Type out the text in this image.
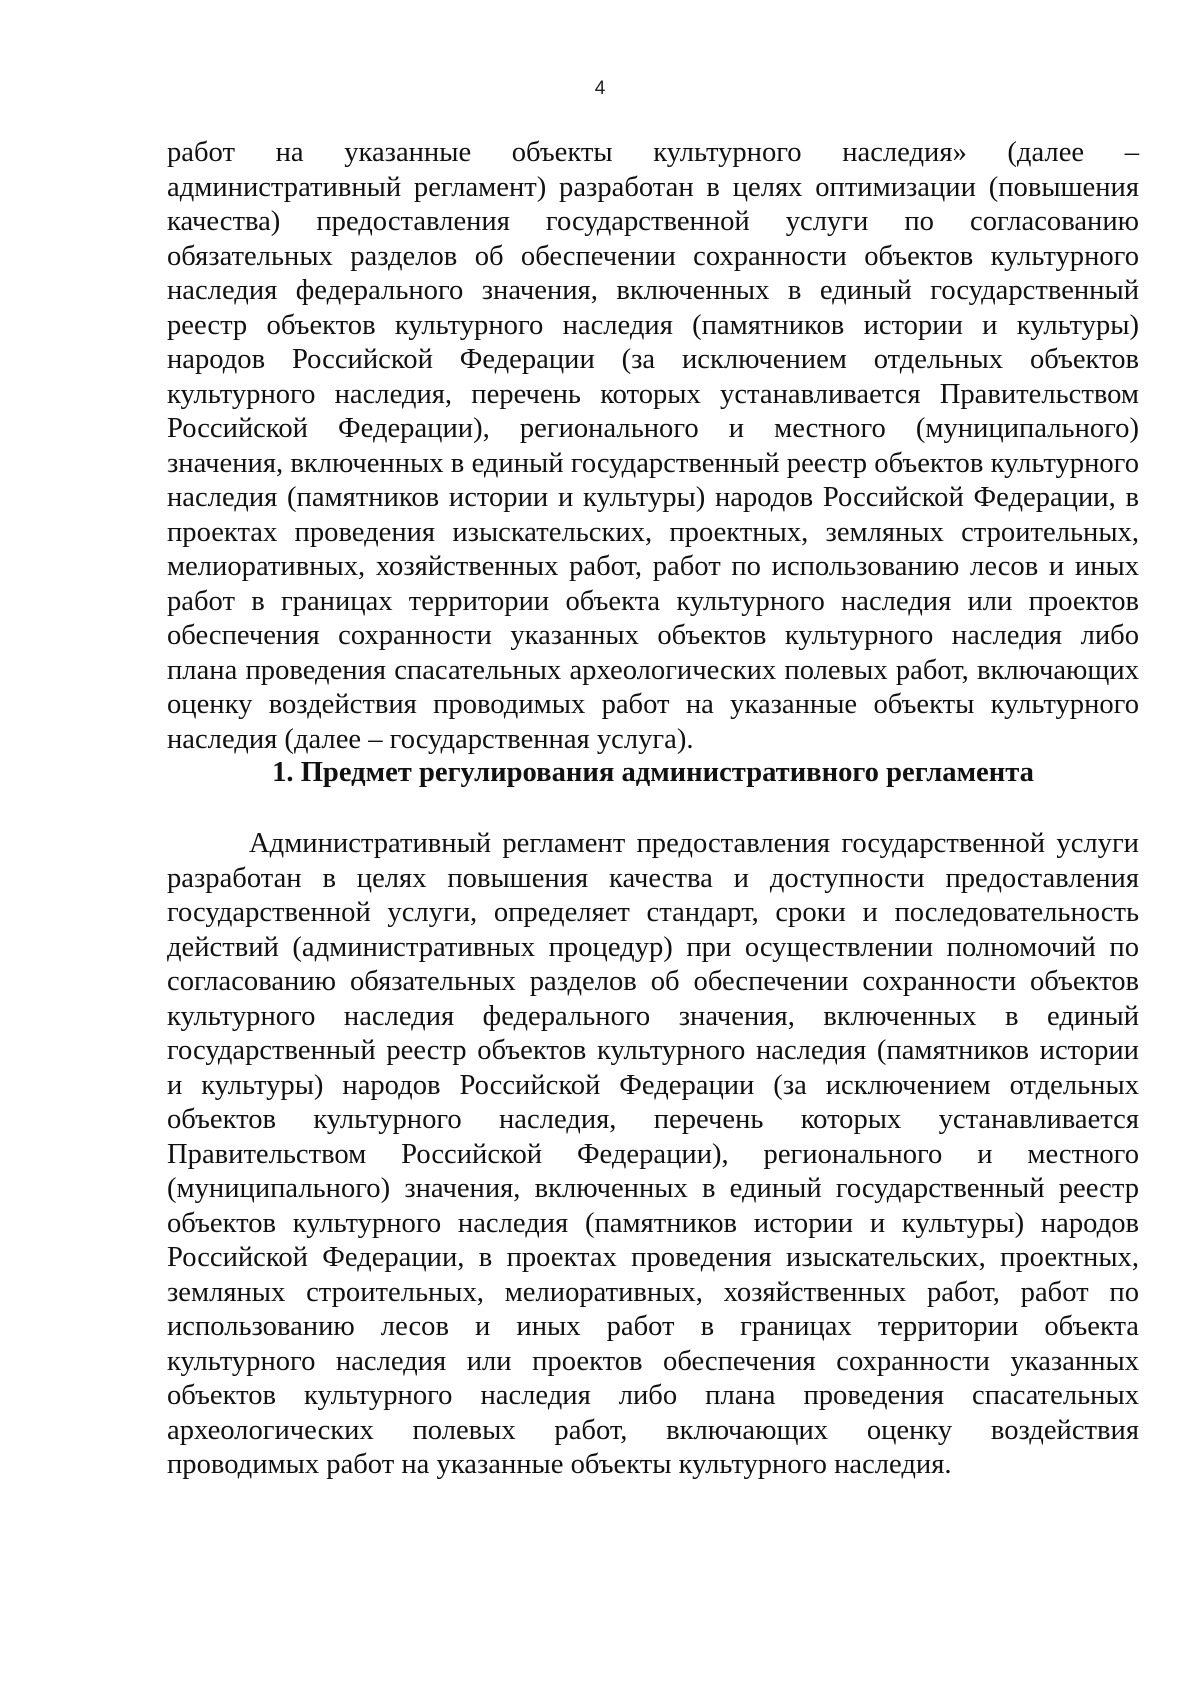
4

работ на указанные объекты культурного наследия» (далее – административный регламент) разработан в целях оптимизации (повышения качества) предоставления государственной услуги по согласованию обязательных разделов об обеспечении сохранности объектов культурного наследия федерального значения, включенных в единый государственный реестр объектов культурного наследия (памятников истории и культуры) народов Российской Федерации (за исключением отдельных объектов культурного наследия, перечень которых устанавливается Правительством Российской Федерации), регионального и местного (муниципального) значения, включенных в единый государственный реестр объектов культурного наследия (памятников истории и культуры) народов Российской Федерации, в проектах проведения изыскательских, проектных, земляных строительных, мелиоративных, хозяйственных работ, работ по использованию лесов и иных работ в границах территории объекта культурного наследия или проектов обеспечения сохранности указанных объектов культурного наследия либо плана проведения спасательных археологических полевых работ, включающих оценку воздействия проводимых работ на указанные объекты культурного наследия (далее – государственная услуга).

1. Предмет регулирования административного регламента

Административный регламент предоставления государственной услуги разработан в целях повышения качества и доступности предоставления государственной услуги, определяет стандарт, сроки и последовательность действий (административных процедур) при осуществлении полномочий по согласованию обязательных разделов об обеспечении сохранности объектов культурного наследия федерального значения, включенных в единый государственный реестр объектов культурного наследия (памятников истории и культуры) народов Российской Федерации (за исключением отдельных объектов культурного наследия, перечень которых устанавливается Правительством Российской Федерации), регионального и местного (муниципального) значения, включенных в единый государственный реестр объектов культурного наследия (памятников истории и культуры) народов Российской Федерации, в проектах проведения изыскательских, проектных, земляных строительных, мелиоративных, хозяйственных работ, работ по использованию лесов и иных работ в границах территории объекта культурного наследия или проектов обеспечения сохранности указанных объектов культурного наследия либо плана проведения спасательных археологических полевых работ, включающих оценку воздействия проводимых работ на указанные объекты культурного наследия.
